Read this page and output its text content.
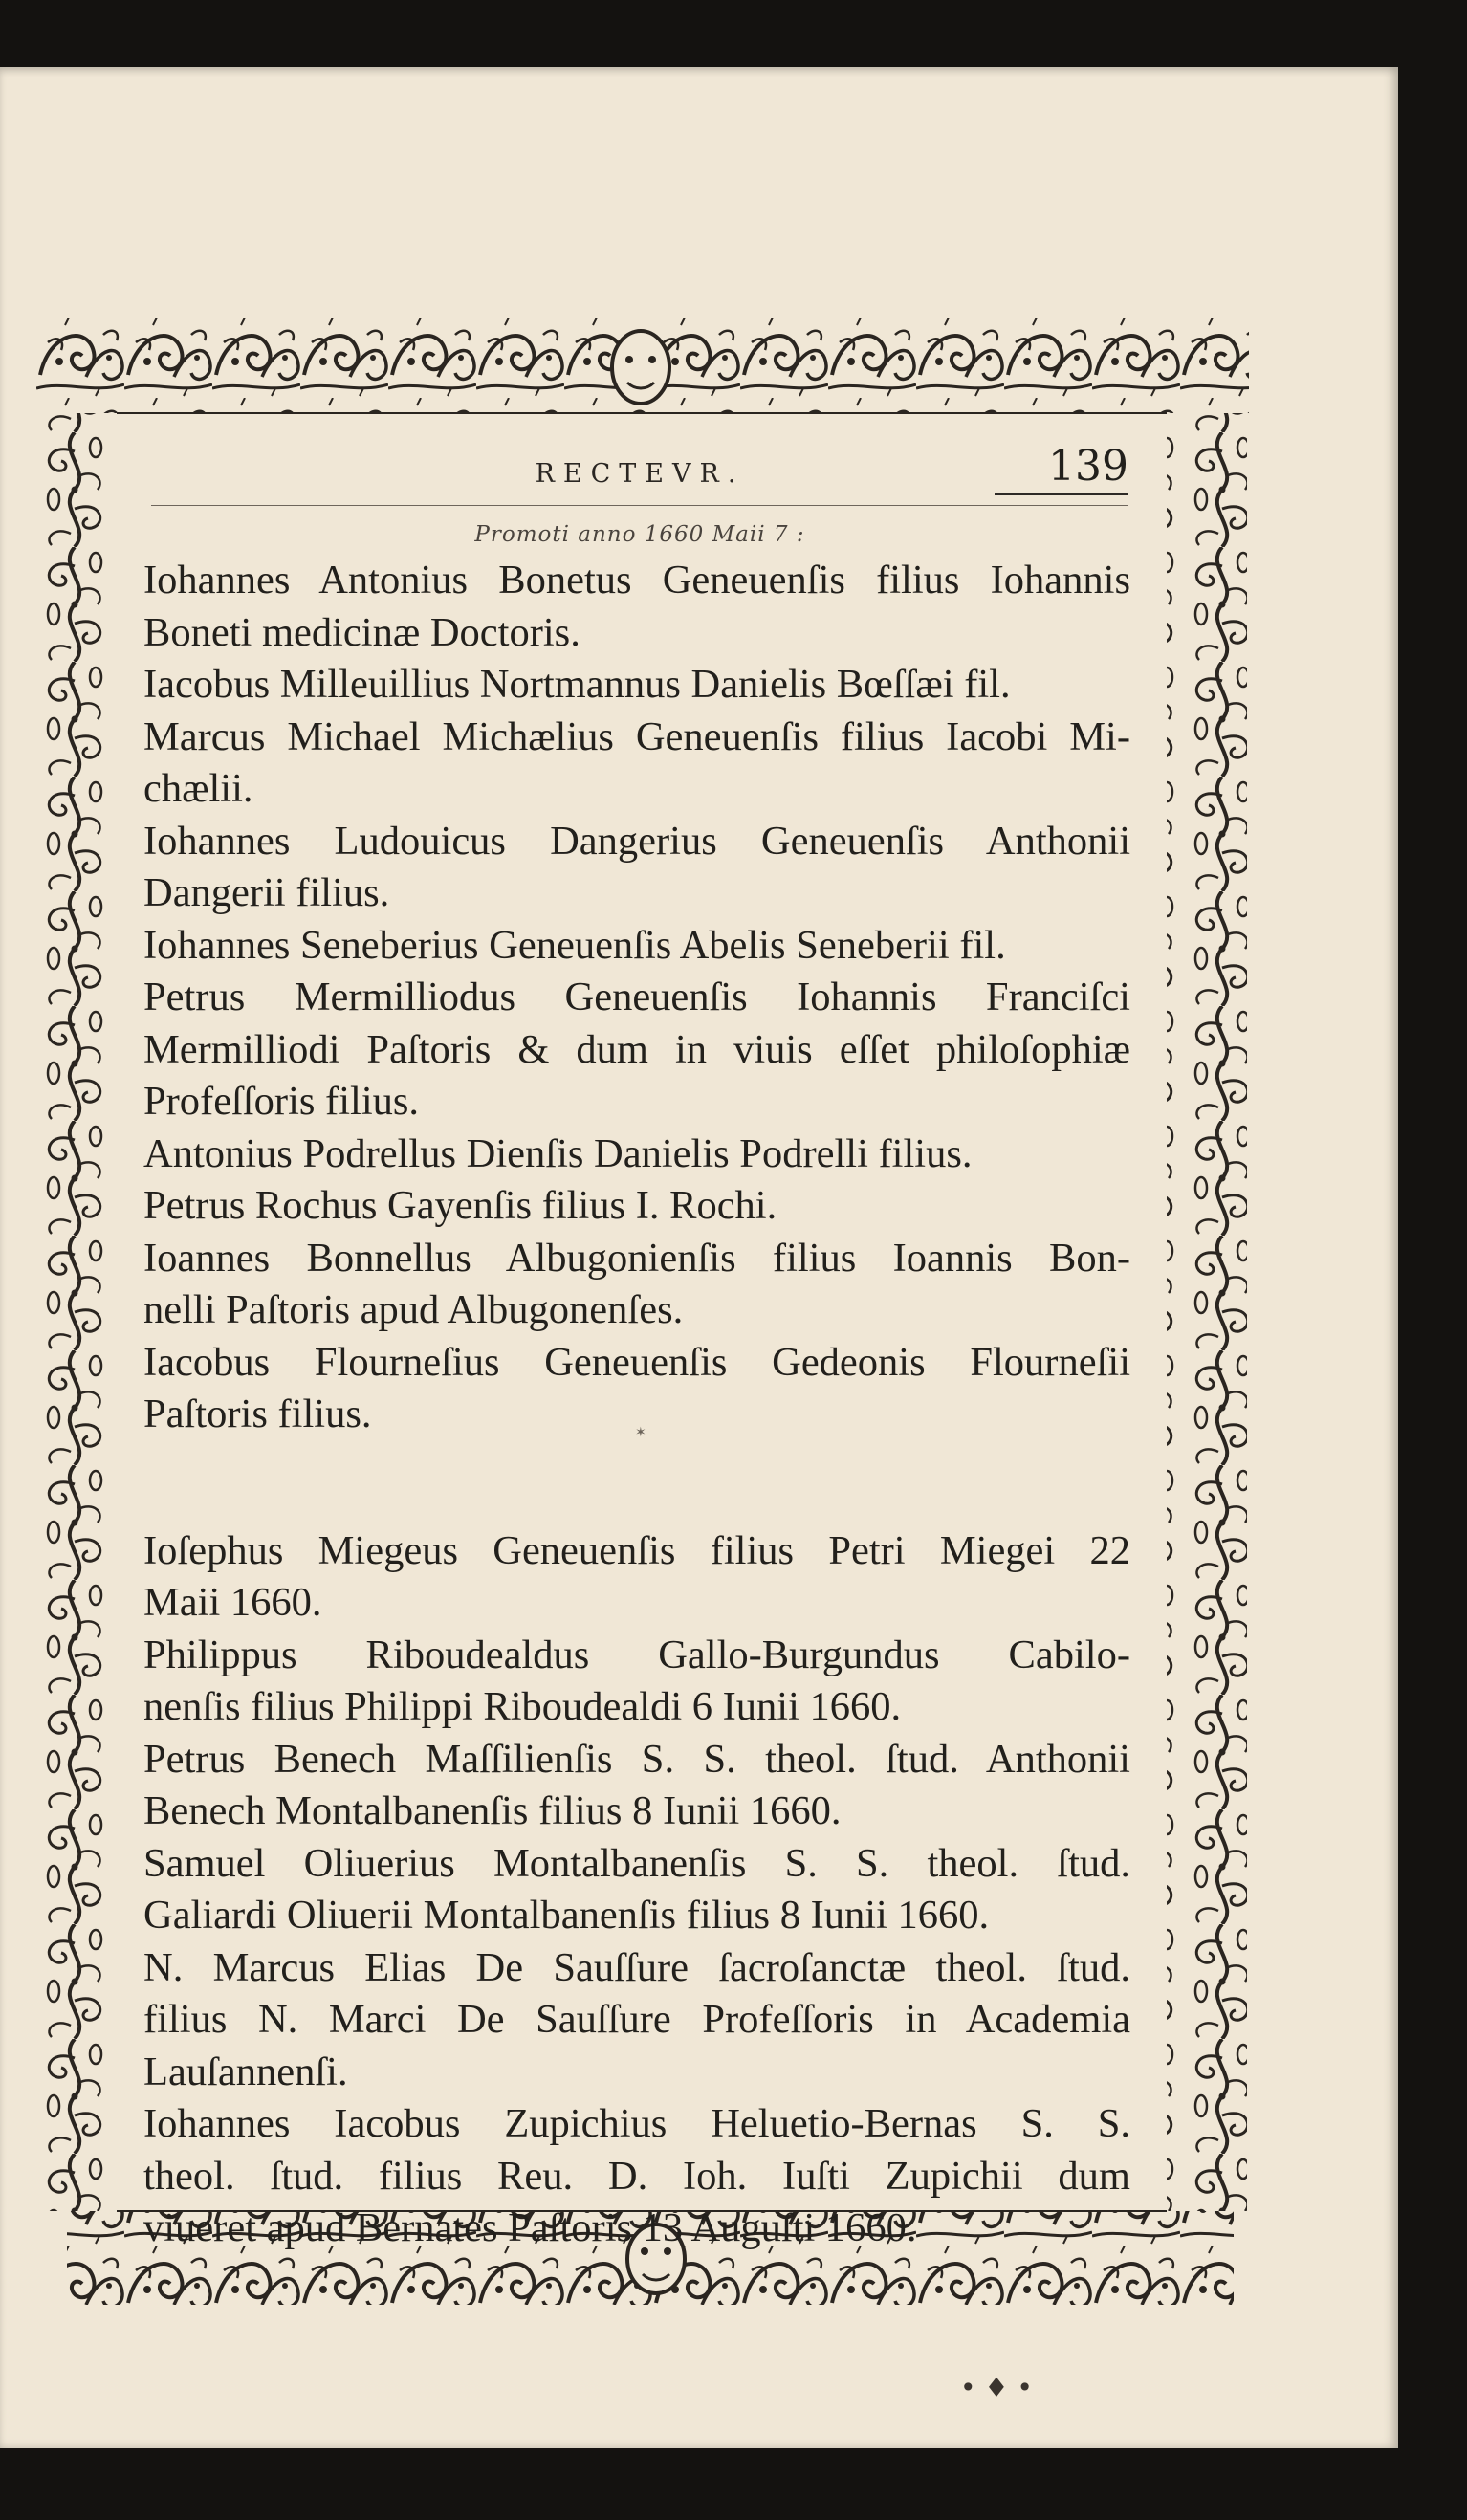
RECTEVR.	139
Promoti anno 1660 Maii 7 :
Iohannes Antonius Bonetus Geneuenſis filius Iohannis
Boneti medicinæ Doctoris.
Iacobus Milleuillius Nortmannus Danielis Bœſſæi fil.
Marcus Michael Michælius Geneuenſis filius Iacobi Mi-
chælii.
Iohannes Ludouicus Dangerius Geneuenſis Anthonii
Dangerii filius.
Iohannes Seneberius Geneuenſis Abelis Seneberii fil.
Petrus Mermilliodus Geneuenſis Iohannis Franciſci
Mermilliodi Paſtoris & dum in viuis eſſet philoſophiæ
Profeſſoris filius.
Antonius Podrellus Dienſis Danielis Podrelli filius.
Petrus Rochus Gayenſis filius I. Rochi.
Ioannes Bonnellus Albugonienſis filius Ioannis Bon-
nelli Paſtoris apud Albugonenſes.
Iacobus Flourneſius Geneuenſis Gedeonis Flourneſii
Paſtoris filius.
Ioſephus Miegeus Geneuenſis filius Petri Miegei 22
Maii 1660.
Philippus Riboudealdus Gallo-Burgundus Cabilo-
nenſis filius Philippi Riboudealdi 6 Iunii 1660.
Petrus Benech Maſſilienſis S. S. theol. ſtud. Anthonii
Benech Montalbanenſis filius 8 Iunii 1660.
Samuel Oliuerius Montalbanenſis S. S. theol. ſtud.
Galiardi Oliuerii Montalbanenſis filius 8 Iunii 1660.
N. Marcus Elias De Sauſſure ſacroſanctæ theol. ſtud.
filius N. Marci De Sauſſure Profeſſoris in Academia
Lauſannenſi.
Iohannes Iacobus Zupichius Heluetio-Bernas S. S.
theol. ſtud. filius Reu. D. Ioh. Iuſti Zupichii dum
viueret apud Bernates Paſtoris 13 Auguſti 1660.
✶
• ♦ •
